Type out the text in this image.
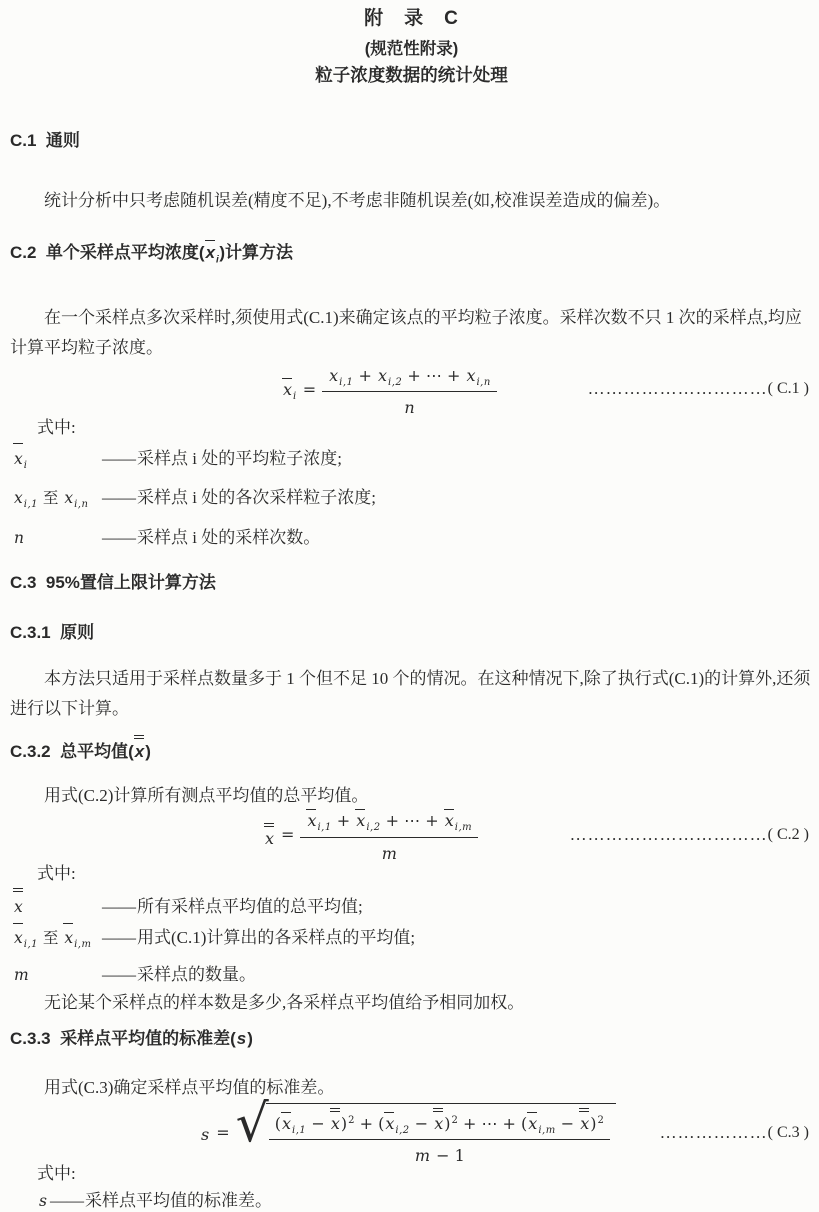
附　录　C
(规范性附录)
粒子浓度数据的统计处理
C.1  通则

统计分析中只考虑随机误差(精度不足),不考虑非随机误差(如,校准误差造成的偏差)。

C.2  单个采样点平均浓度$(x_i)$计算方法

在一个采样点多次采样时,须使用式(C.1)来确定该点的平均粒子浓度。采样次数不只 1 次的采样点,均应计算平均粒子浓度。

$x_i = \frac{x_{i,1} + x_{i,2} + \cdots + x_{i,n}}{n}$	………………………… ( C.1 )
式中:
$x_i$	—— 采样点 i 处的平均粒子浓度;
$x_{i,1}$ 至 $x_{i,n}$ —— 采样点 i 处的各次采样粒子浓度;
n	—— 采样点 i 处的采样次数。
C.3  95%置信上限计算方法
C.3.1  原则

本方法只适用于采样点数量多于 1 个但不足 10 个的情况。在这种情况下,除了执行式(C.1)的计算外,还须进行以下计算。

C.3.2  总平均值(x)

用式(C.2)计算所有测点平均值的总平均值。

$x = \frac{x_{i,1} + x_{i,2} + \cdots + x_{i,m}}{m}$	…………………………… ( C.2 )
式中:
x	—— 所有采样点平均值的总平均值;
$x_{i,1}$ 至 $x_{i,m}$ —— 用式(C.1)计算出的各采样点的平均值;
m	—— 采样点的数量。

无论某个采样点的样本数是多少,各采样点平均值给予相同加权。

C.3.3  采样点平均值的标准差(s)

用式(C.3)确定采样点平均值的标准差。

s = √ $\frac{(x_{i,1} - x)^2 + (x_{i,2} - x)^2 + \cdots + (x_{i,m} - x)^2}{m - 1}$	……………… ( C.3 )
式中:
s —— 采样点平均值的标准差。
